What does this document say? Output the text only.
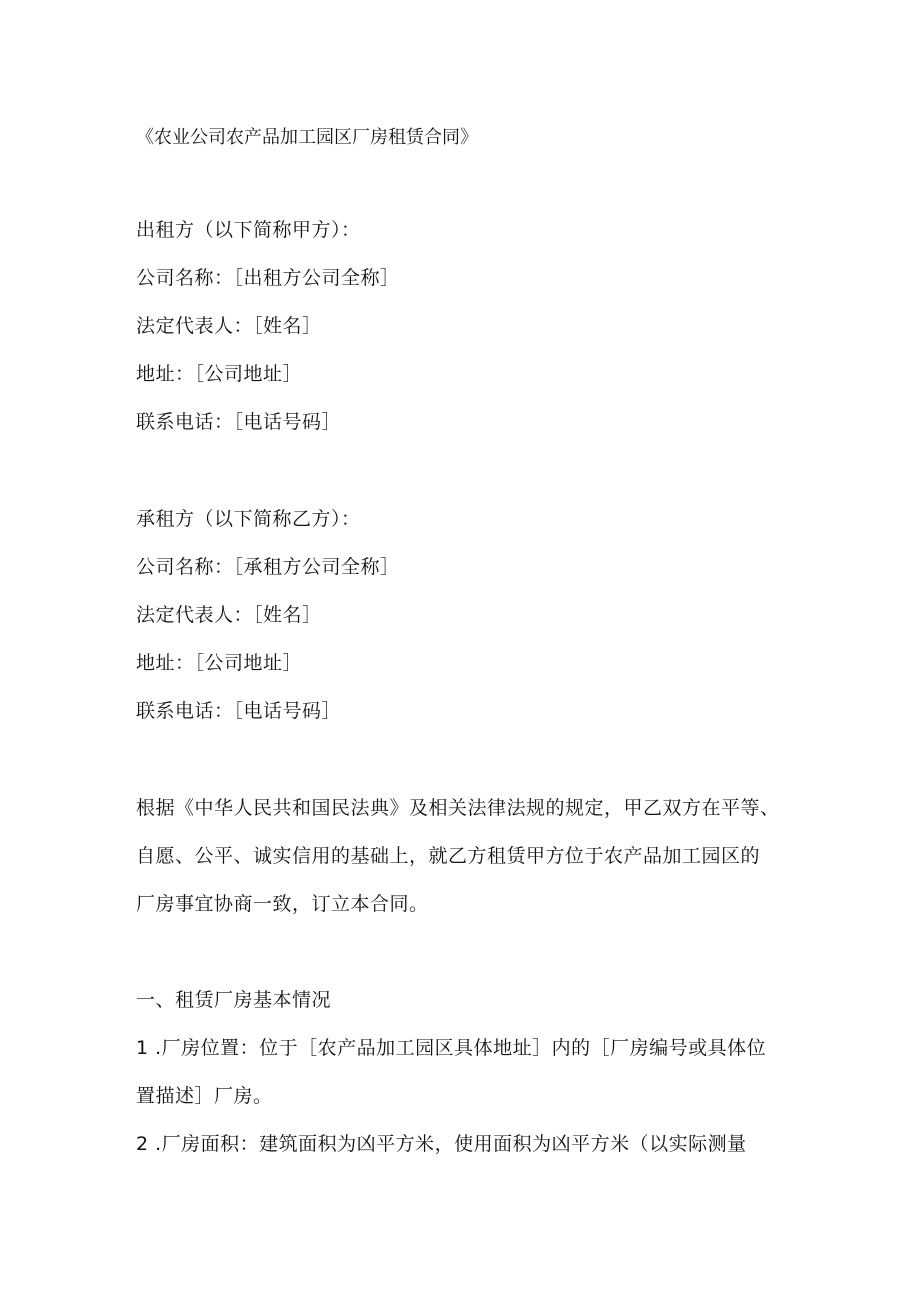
《农业公司农产品加工园区厂房租赁合同》
出租方（以下简称甲方）：
公司名称：［出租方公司全称］
法定代表人：［姓名］
地址：［公司地址］
联系电话：［电话号码］
承租方（以下简称乙方）：
公司名称：［承租方公司全称］
法定代表人：［姓名］
地址：［公司地址］
联系电话：［电话号码］
根据《中华人民共和国民法典》及相关法律法规的规定，甲乙双方在平等、
自愿、公平、诚实信用的基础上，就乙方租赁甲方位于农产品加工园区的
厂房事宜协商一致，订立本合同。
一、租赁厂房基本情况
1 .厂房位置：位于［农产品加工园区具体地址］内的［厂房编号或具体位
置描述］厂房。
2 .厂房面积：建筑面积为凶平方米，使用面积为凶平方米（以实际测量
